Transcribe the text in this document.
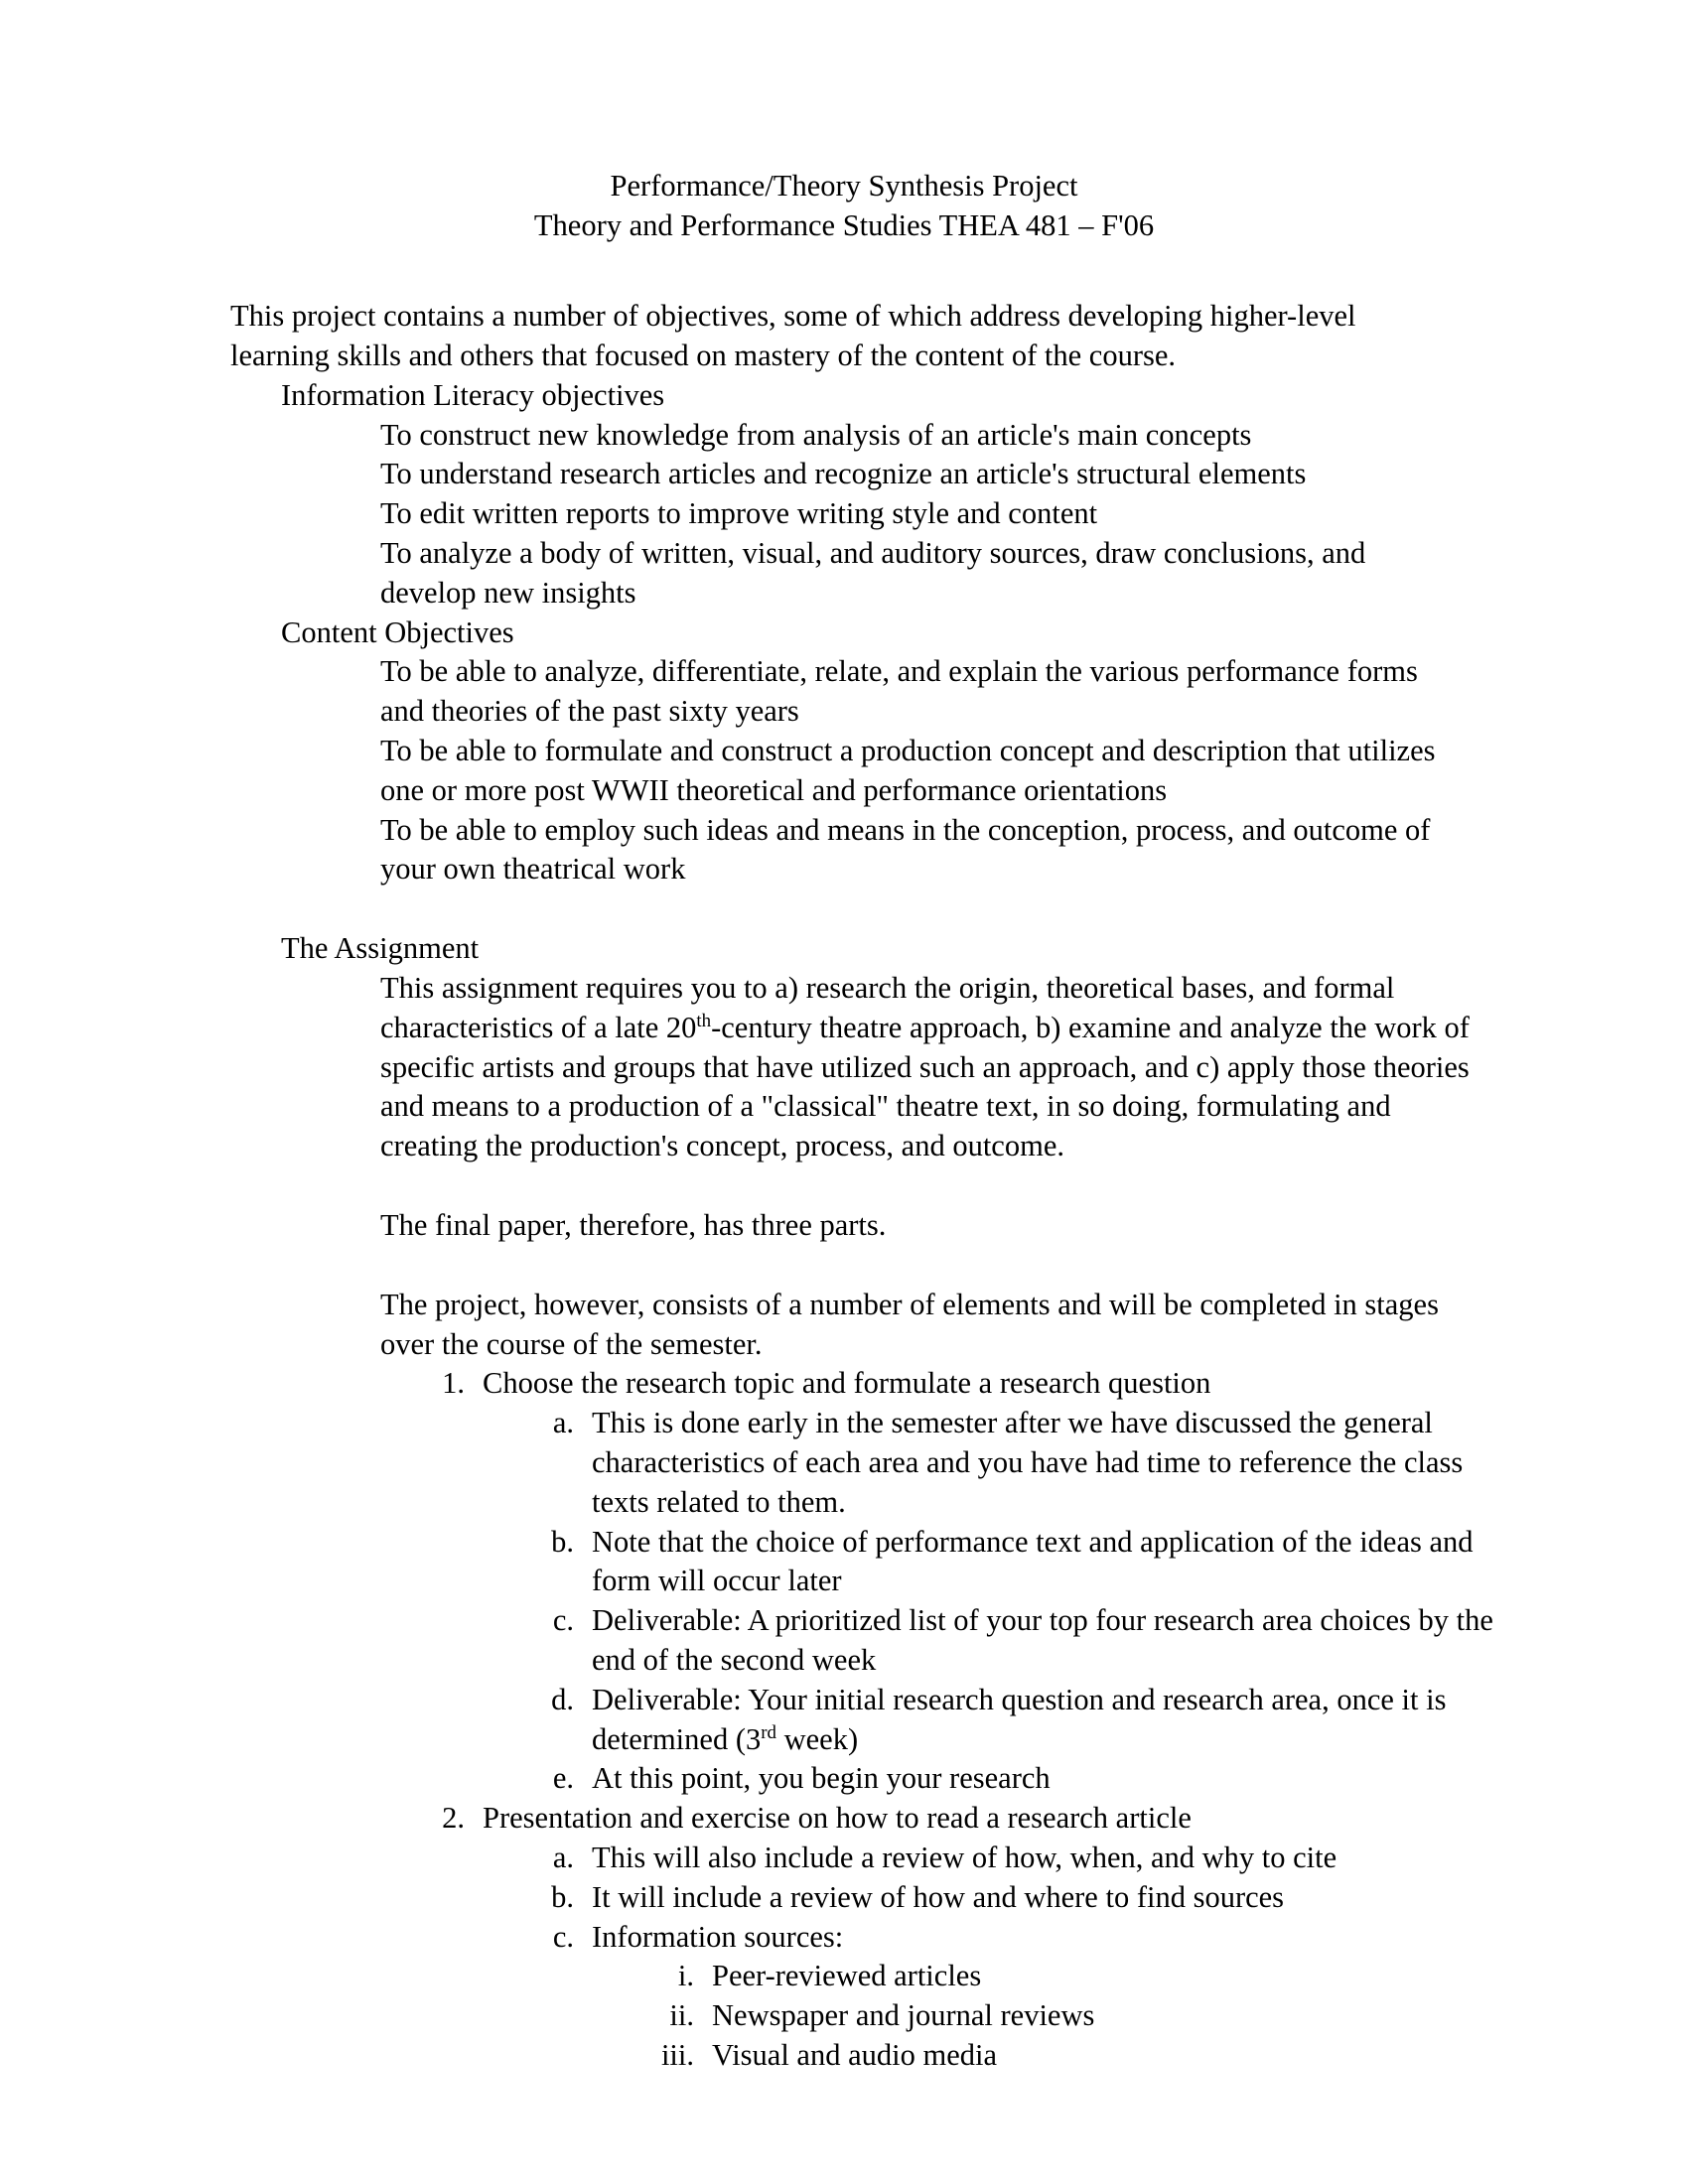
Performance/Theory Synthesis Project
Theory and Performance Studies THEA 481 – F'06

This project contains a number of objectives, some of which address developing higher-level learning skills and others that focused on mastery of the content of the course.

Information Literacy objectives

To construct new knowledge from analysis of an article's main concepts

To understand research articles and recognize an article's structural elements

To edit written reports to improve writing style and content

To analyze a body of written, visual, and auditory sources, draw conclusions, and develop new insights

Content Objectives

To be able to analyze, differentiate, relate, and explain the various performance forms and theories of the past sixty years

To be able to formulate and construct a production concept and description that utilizes one or more post WWII theoretical and performance orientations

To be able to employ such ideas and means in the conception, process, and outcome of your own theatrical work

The Assignment

This assignment requires you to a) research the origin, theoretical bases, and formal characteristics of a late 20th-century theatre approach, b) examine and analyze the work of specific artists and groups that have utilized such an approach, and c) apply those theories and means to a production of a "classical" theatre text, in so doing, formulating and creating the production's concept, process, and outcome.

The final paper, therefore, has three parts.

The project, however, consists of a number of elements and will be completed in stages over the course of the semester.

1. Choose the research topic and formulate a research question
a. This is done early in the semester after we have discussed the general characteristics of each area and you have had time to reference the class texts related to them.
b. Note that the choice of performance text and application of the ideas and form will occur later
c. Deliverable: A prioritized list of your top four research area choices by the end of the second week
d. Deliverable: Your initial research question and research area, once it is determined (3rd week)
e. At this point, you begin your research
2. Presentation and exercise on how to read a research article
a. This will also include a review of how, when, and why to cite
b. It will include a review of how and where to find sources
c. Information sources:
i. Peer-reviewed articles
ii. Newspaper and journal reviews
iii. Visual and audio media
